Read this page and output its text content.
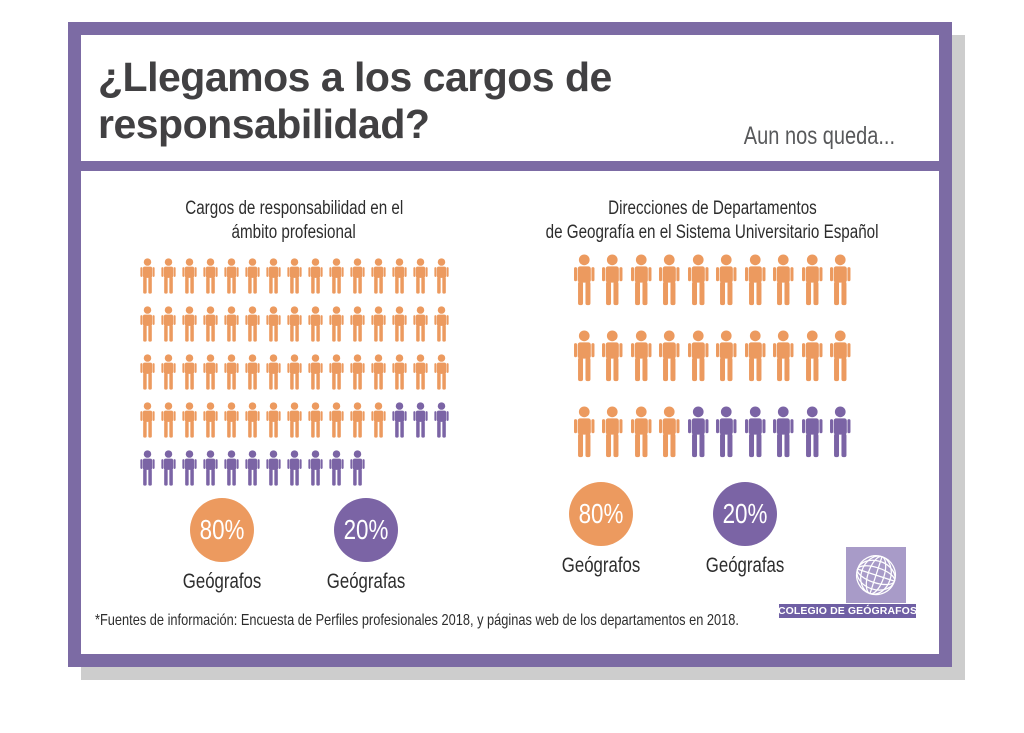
¿Llegamos a los cargos de
responsabilidad?	Aun nos queda...
Cargos de responsabilidad en el
ámbito profesional
80%
Geógrafos
20%
Geógrafas
Direcciones de Departamentos
de Geografía en el Sistema Universitario Español
80%
Geógrafos
20%
Geógrafas
*Fuentes de información: Encuesta de Perfiles profesionales 2018, y páginas web de los departamentos en 2018.
COLEGIO DE GEÓGRAFOS
